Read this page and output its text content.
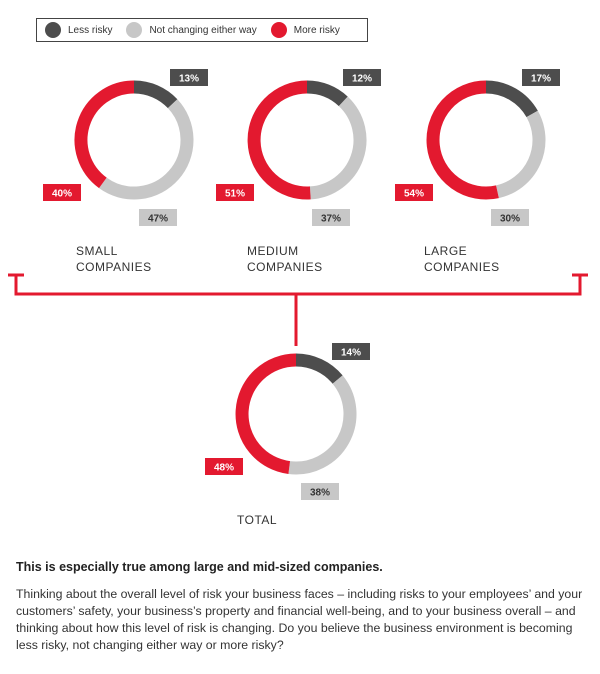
Less risky	Not changing either way	More risky
13%
47%
40%
SMALL
COMPANIES
12%
37%
51%
MEDIUM
COMPANIES
17%
30%
54%
LARGE
COMPANIES
14%
38%
48%
TOTAL

This is especially true among large and mid-sized companies.

Thinking about the overall level of risk your business faces – including risks to your employees’ and your customers’ safety, your business’s property and financial well-being, and to your business overall – and thinking about how this level of risk is changing. Do you believe the business environment is becoming less risky, not changing either way or more risky?
